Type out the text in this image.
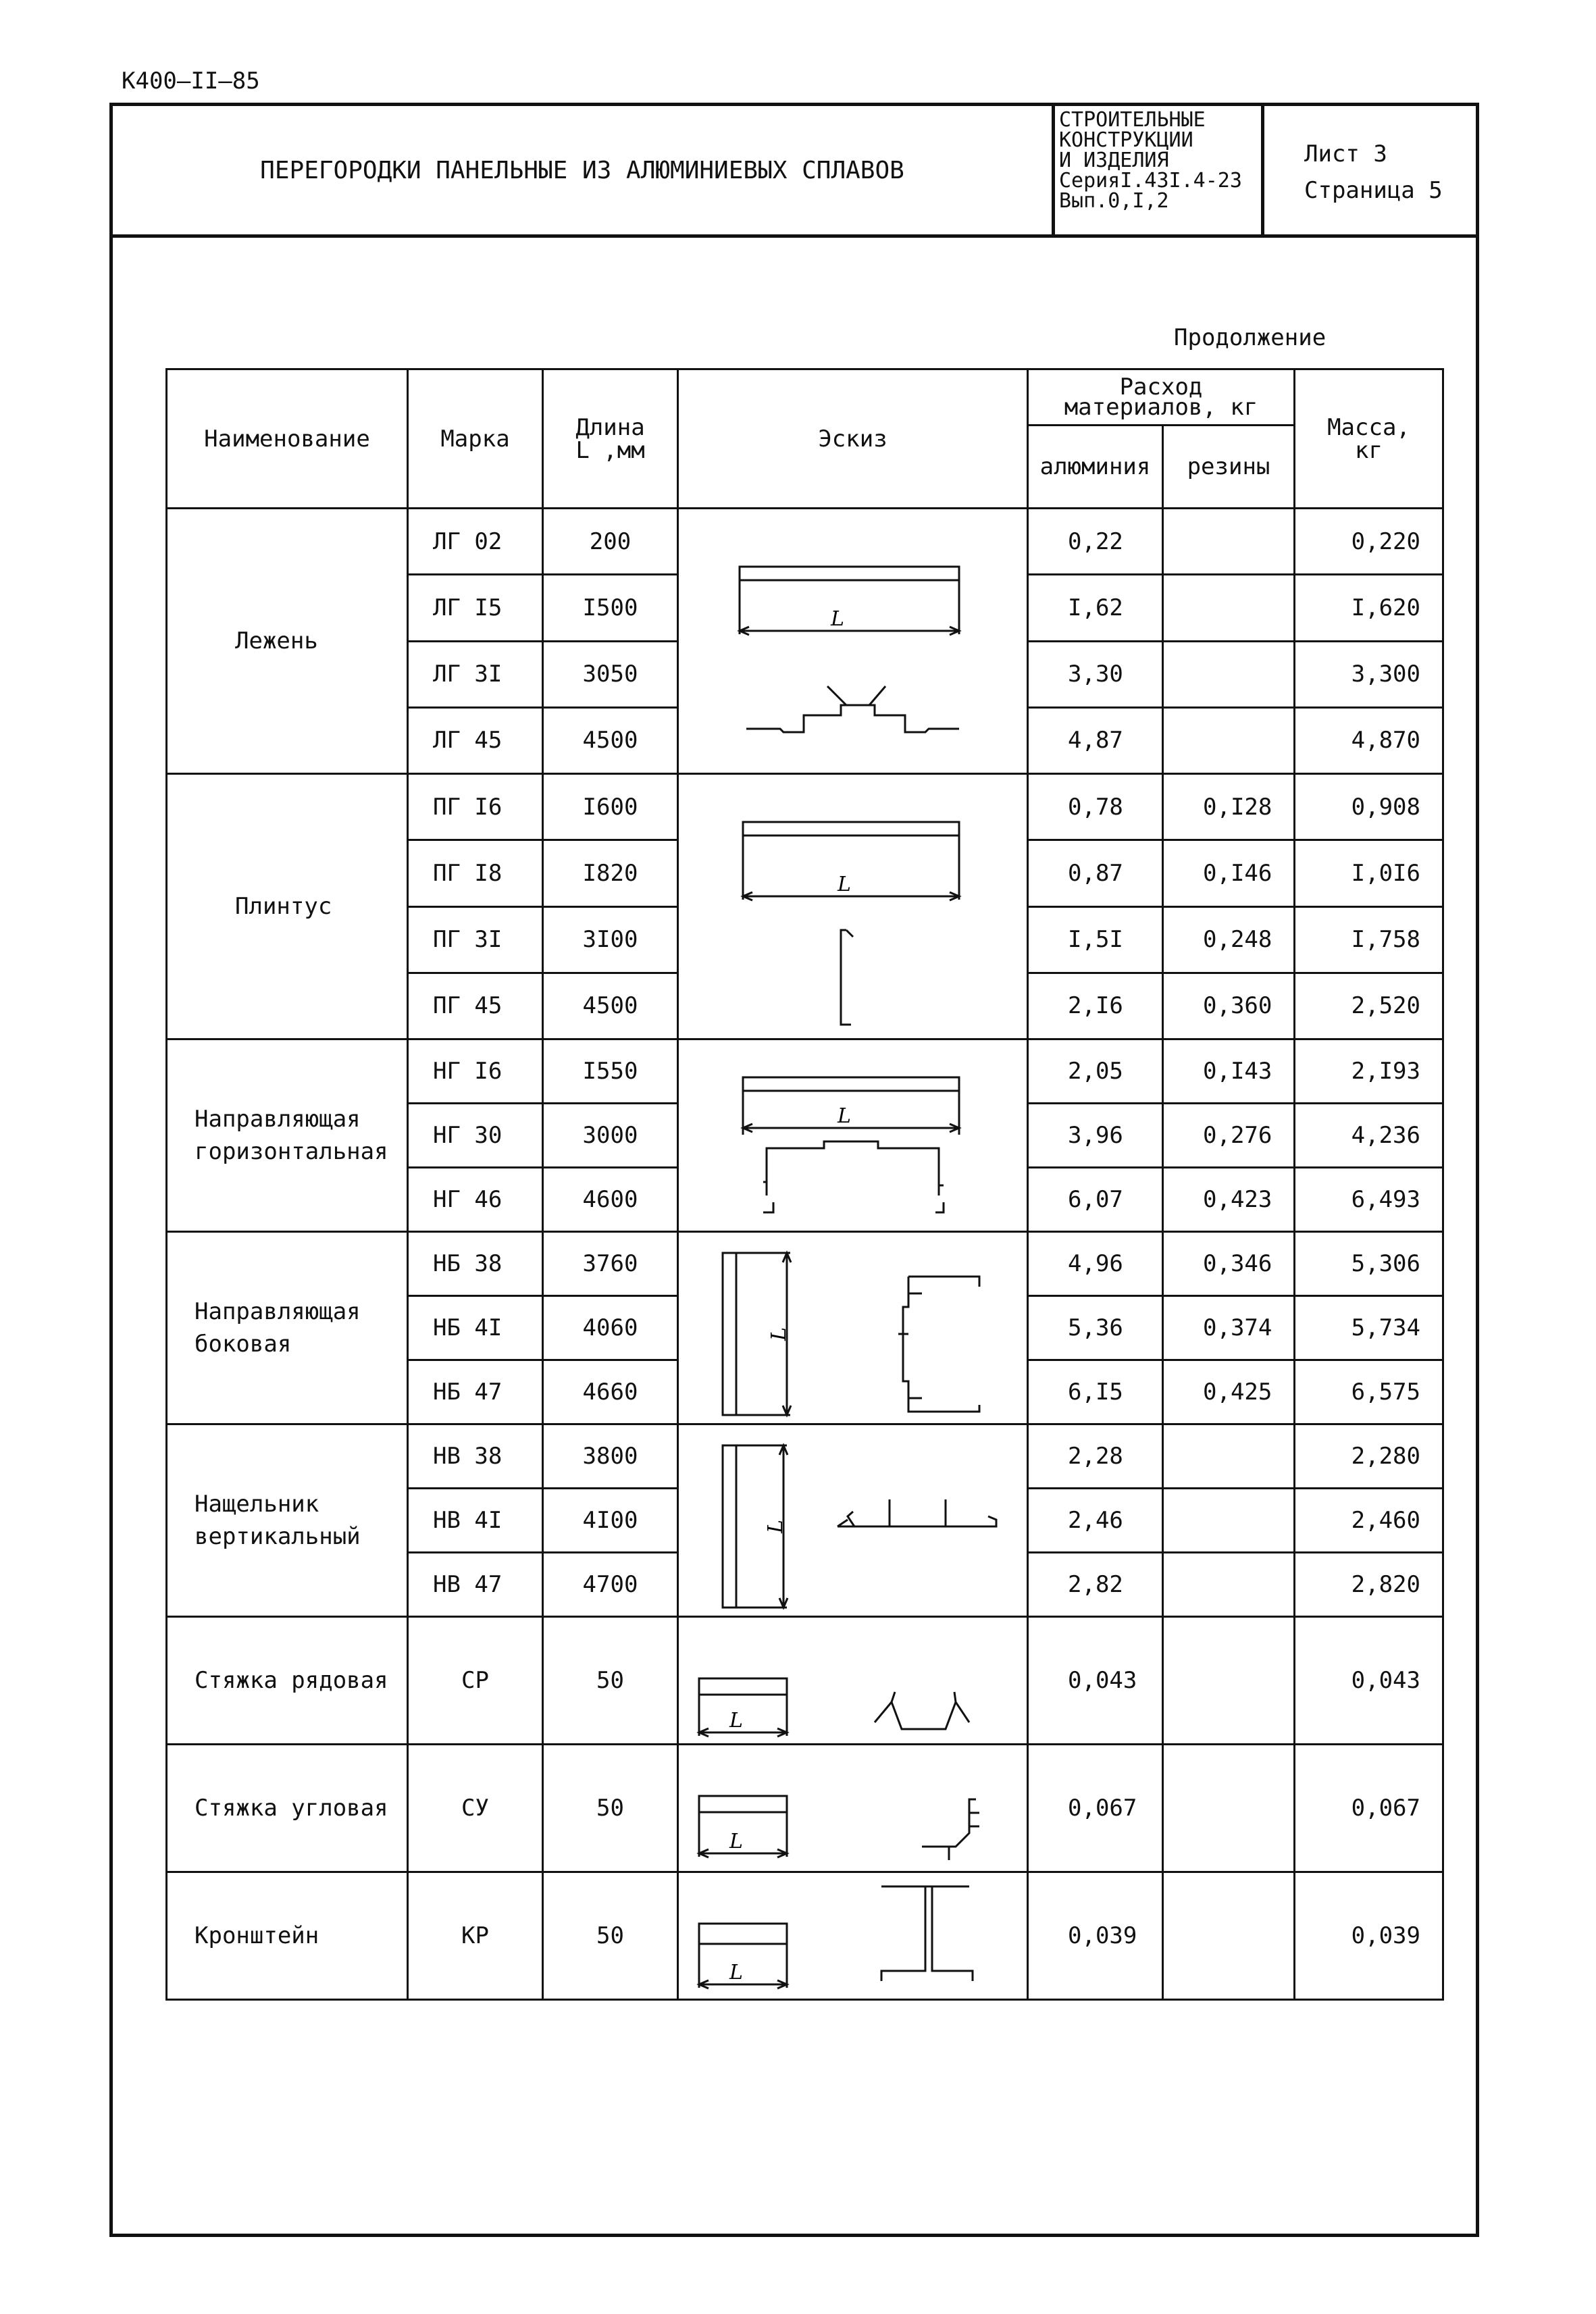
К400–II–85
ПЕРЕГОРОДКИ ПАНЕЛЬНЫЕ ИЗ АЛЮМИНИЕВЫХ СПЛАВОВ
СТРОИТЕЛЬНЫЕ
КОНСТРУКЦИИ
И ИЗДЕЛИЯ
СерияI.43I.4-23
Вып.0,I,2
Лист 3
Страница 5
Продолжение
Наименование	Марка	Длина L ,мм	Эскиз	Расход материалов, кг		Масса, кг
				алюминия	резины	
Лежень	ЛГ 02	200	L	0,22		0,220
	ЛГ I5	I500		I,62		I,620
	ЛГ 3I	3050		3,30		3,300
	ЛГ 45	4500		4,87		4,870
Плинтус	ПГ I6	I600	L	0,78	0,I28	0,908
	ПГ I8	I820		0,87	0,I46	I,0I6
	ПГ 3I	3I00		I,5I	0,248	I,758
	ПГ 45	4500		2,I6	0,360	2,520
Направляющая горизонтальная	НГ I6	I550	L	2,05	0,I43	2,I93
	НГ 30	3000		3,96	0,276	4,236
	НГ 46	4600		6,07	0,423	6,493
Направляющая боковая	НБ 38	3760	L	4,96	0,346	5,306
	НБ 4I	4060		5,36	0,374	5,734
	НБ 47	4660		6,I5	0,425	6,575
Нащельник вертикальный	НВ 38	3800	L	2,28		2,280
	НВ 4I	4I00		2,46		2,460
	НВ 47	4700		2,82		2,820
Стяжка рядовая	СР	50	L	0,043		0,043
Стяжка угловая	СУ	50	L	0,067		0,067
Кронштейн	КР	50	L	0,039		0,039
